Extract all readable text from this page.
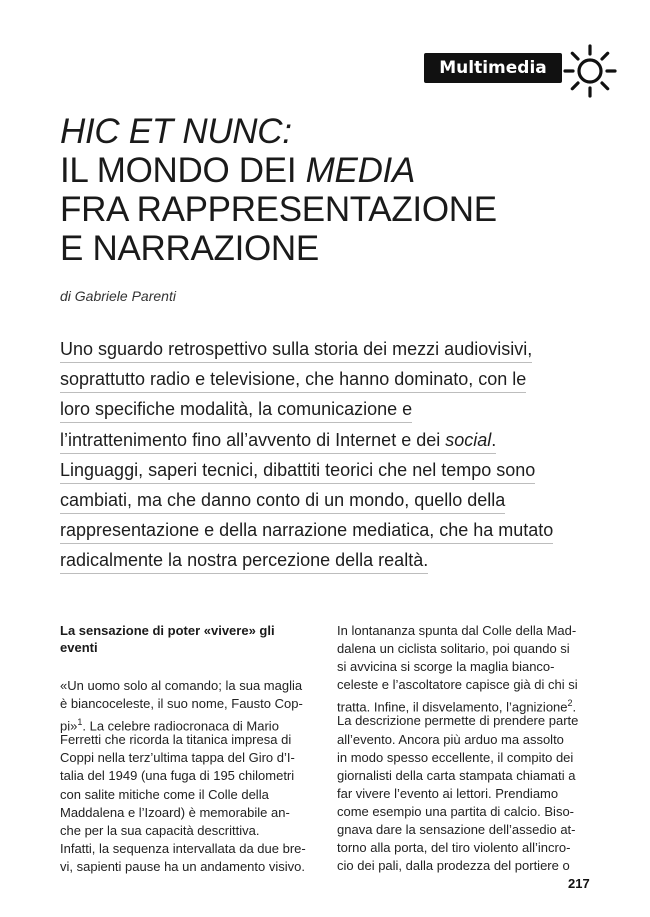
Multimedia
HIC ET NUNC:
IL MONDO DEI MEDIA
FRA RAPPRESENTAZIONE
E NARRAZIONE
di Gabriele Parenti
Uno sguardo retrospettivo sulla storia dei mezzi audiovisivi,
soprattutto radio e televisione, che hanno dominato, con le
loro specifiche modalità, la comunicazione e
l’intrattenimento fino all’avvento di Internet e dei social.
Linguaggi, saperi tecnici, dibattiti teorici che nel tempo sono
cambiati, ma che danno conto di un mondo, quello della
rappresentazione e della narrazione mediatica, che ha mutato
radicalmente la nostra percezione della realtà.
La sensazione di poter «vivere» gli
eventi
«Un uomo solo al comando; la sua maglia
è biancoceleste, il suo nome, Fausto Cop-
pi»$^1$. La celebre radiocronaca di Mario
Ferretti che ricorda la titanica impresa di
Coppi nella terz’ultima tappa del Giro d’I-
talia del 1949 (una fuga di 195 chilometri
con salite mitiche come il Colle della
Maddalena e l’Izoard) è memorabile an-
che per la sua capacità descrittiva.
Infatti, la sequenza intervallata da due bre-
vi, sapienti pause ha un andamento visivo.
In lontananza spunta dal Colle della Mad-
dalena un ciclista solitario, poi quando si
si avvicina si scorge la maglia bianco-
celeste e l’ascoltatore capisce già di chi si
tratta. Infine, il disvelamento, l’agnizione$^2$.
La descrizione permette di prendere parte
all’evento. Ancora più arduo ma assolto
in modo spesso eccellente, il compito dei
giornalisti della carta stampata chiamati a
far vivere l’evento ai lettori. Prendiamo
come esempio una partita di calcio. Biso-
gnava dare la sensazione dell’assedio at-
torno alla porta, del tiro violento all’incro-
cio dei pali, dalla prodezza del portiere o
217
